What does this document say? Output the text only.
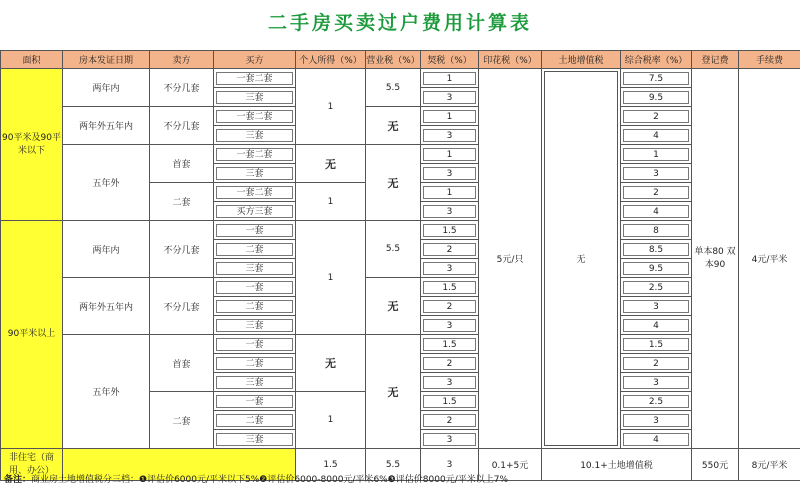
二手房买卖过户费用计算表
面积	房本发证日期	卖方	买方	个人所得（%）	营业税（%）	契税（%）	印花税（%）	土地增值税	综合税率（%）	登记费	手续费
90平米及90平米以下	两年内	不分几套	一套二套	1	5.5	1	5元/只	无	7.5	单本80 双本90	4元/平米

			三套			3			9.5		

	两年外五年内	不分几套	一套二套		无	1			2		

			三套			3			4		

	五年外	首套	一套二套	无	无	1			1		

			三套			3			3		

		二套	一套二套	1		1			2		

			买方三套			3			4		

90平米以上	两年内	不分几套	一套	1	5.5	1.5			8		

			二套			2			8.5		

			三套			3			9.5		

	两年外五年内	不分几套	一套		无	1.5			2.5		

			二套			2			3		

			三套			3			4		

	五年外	首套	一套	无	无	1.5			1.5		

			二套			2			2		

			三套			3			3		

		二套	一套	1		1.5			2.5		

			二套			2			3		

			三套			3			4		

非住宅（商用、办公）				1.5	5.5	3	0.1+5元	10.1+土地增值税		550元	8元/平米
备注：商业房土地增值税分三档：❶评估价6000元/平米以下5%❷评估价6000-8000元/平米6%❸评估价8000元/平米以上7%
